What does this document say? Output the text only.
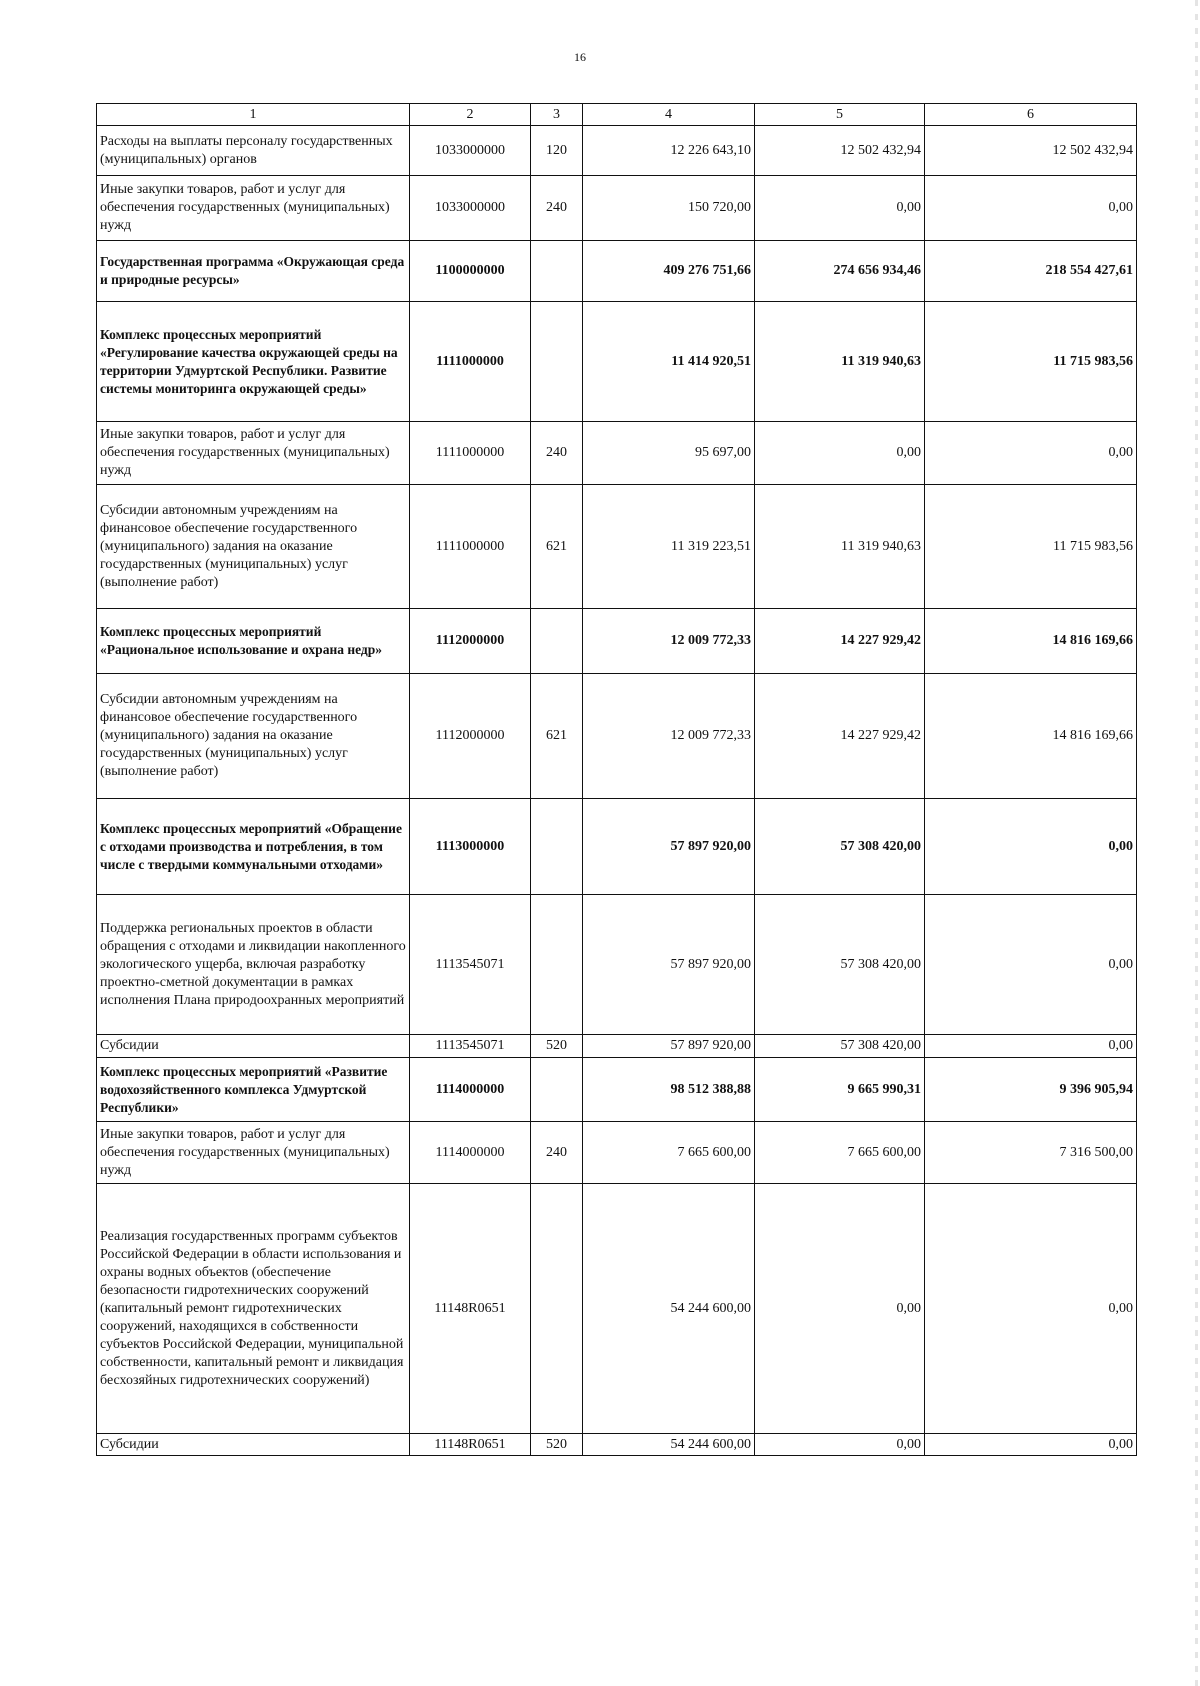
16
1	2	3	4	5	6
Расходы на выплаты персоналу государственных (муниципальных) органов	1033000000	120	12 226 643,10	12 502 432,94	12 502 432,94
Иные закупки товаров, работ и услуг для обеспечения государственных (муниципальных) нужд	1033000000	240	150 720,00	0,00	0,00
Государственная программа «Окружающая среда и природные ресурсы»	1100000000		409 276 751,66	274 656 934,46	218 554 427,61
Комплекс процессных мероприятий «Регулирование качества окружающей среды на территории Удмуртской Республики. Развитие системы мониторинга окружающей среды»	1111000000		11 414 920,51	11 319 940,63	11 715 983,56
Иные закупки товаров, работ и услуг для обеспечения государственных (муниципальных) нужд	1111000000	240	95 697,00	0,00	0,00
Субсидии автономным учреждениям на финансовое обеспечение государственного (муниципального) задания на оказание государственных (муниципальных) услуг (выполнение работ)	1111000000	621	11 319 223,51	11 319 940,63	11 715 983,56
Комплекс процессных мероприятий «Рациональное использование и охрана недр»	1112000000		12 009 772,33	14 227 929,42	14 816 169,66
Субсидии автономным учреждениям на финансовое обеспечение государственного (муниципального) задания на оказание государственных (муниципальных) услуг (выполнение работ)	1112000000	621	12 009 772,33	14 227 929,42	14 816 169,66
Комплекс процессных мероприятий «Обращение с отходами производства и потребления, в том числе с твердыми коммунальными отходами»	1113000000		57 897 920,00	57 308 420,00	0,00
Поддержка региональных проектов в области обращения с отходами и ликвидации накопленного экологического ущерба, включая разработку проектно-сметной документации в рамках исполнения Плана природоохранных мероприятий	1113545071		57 897 920,00	57 308 420,00	0,00
Субсидии	1113545071	520	57 897 920,00	57 308 420,00	0,00
Комплекс процессных мероприятий «Развитие водохозяйственного комплекса Удмуртской Республики»	1114000000		98 512 388,88	9 665 990,31	9 396 905,94
Иные закупки товаров, работ и услуг для обеспечения государственных (муниципальных) нужд	1114000000	240	7 665 600,00	7 665 600,00	7 316 500,00
Реализация государственных программ субъектов Российской Федерации в области использования и охраны водных объектов (обеспечение безопасности гидротехнических сооружений (капитальный ремонт гидротехнических сооружений, находящихся в собственности субъектов Российской Федерации, муниципальной собственности, капитальный ремонт и ликвидация бесхозяйных гидротехнических сооружений)	11148R0651		54 244 600,00	0,00	0,00
Субсидии	11148R0651	520	54 244 600,00	0,00	0,00
